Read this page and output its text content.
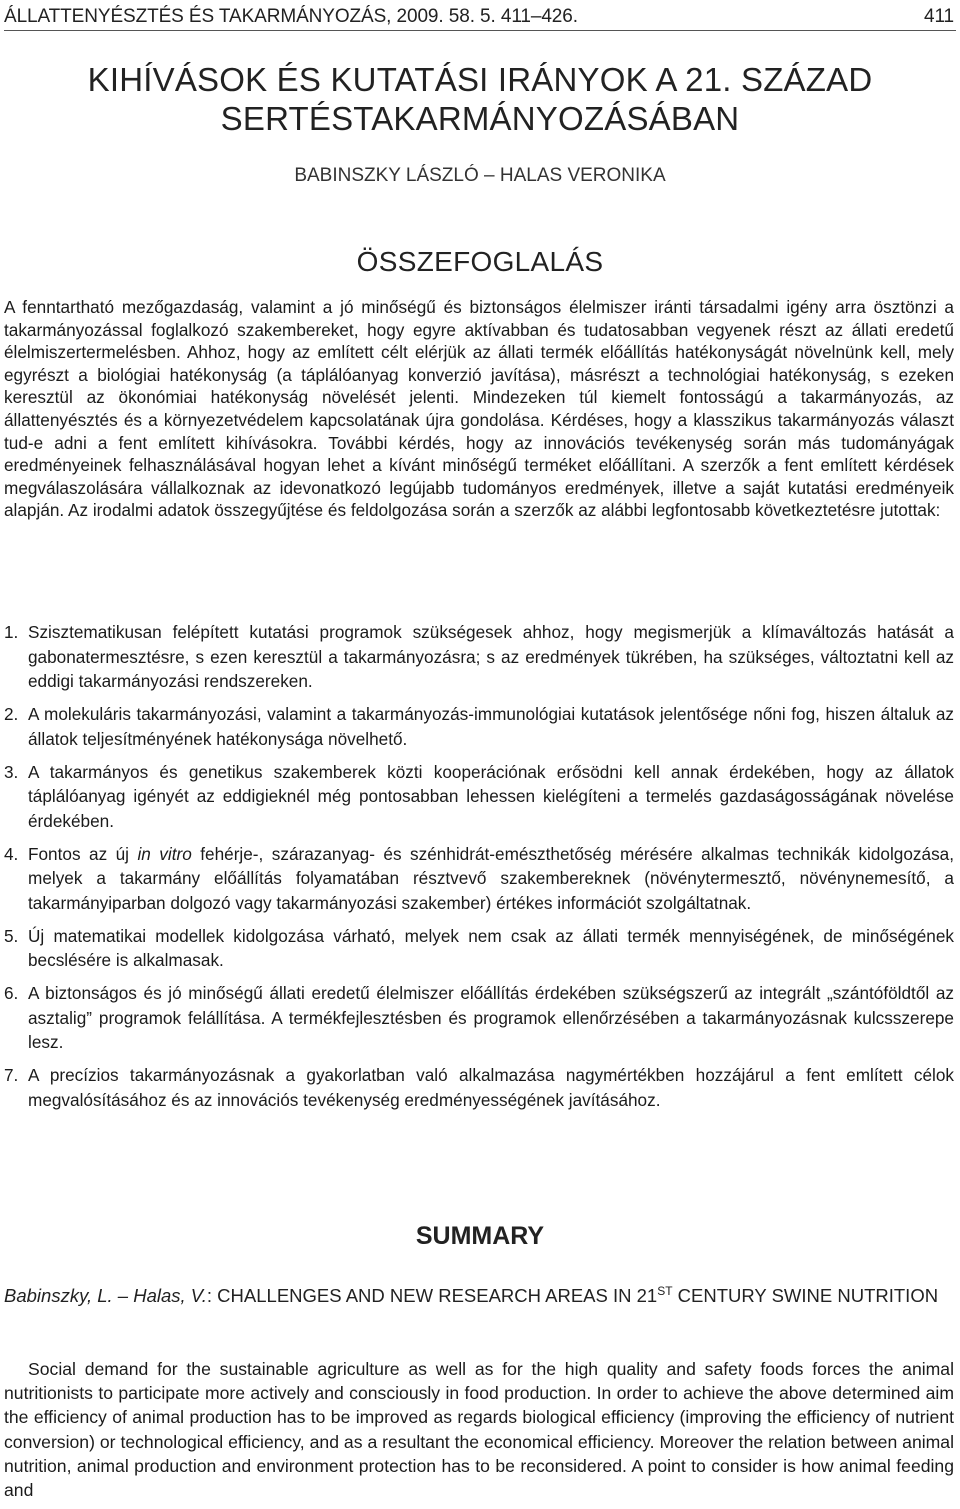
ÁLLATTENYÉSZTÉS ÉS TAKARMÁNYOZÁS, 2009. 58. 5. 411–426.	411
KIHÍVÁSOK ÉS KUTATÁSI IRÁNYOK A 21. SZÁZAD
SERTÉSTAKARMÁNYOZÁSÁBAN
BABINSZKY LÁSZLÓ – HALAS VERONIKA
ÖSSZEFOGLALÁS

A fenntartható mezőgazdaság, valamint a jó minőségű és biztonságos élelmiszer iránti társadalmi igény arra ösztönzi a takarmányozással foglalkozó szakembereket, hogy egyre aktívabban és tudatosabban vegyenek részt az állati eredetű élelmiszertermelésben. Ahhoz, hogy az említett célt elérjük az állati termék előállítás hatékonyságát növelnünk kell, mely egyrészt a biológiai hatékonyság (a táplálóanyag konverzió javítása), másrészt a technológiai hatékonyság, s ezeken keresztül az ökonómiai hatékonyság növelését jelenti. Mindezeken túl kiemelt fontosságú a takarmányozás, az állattenyésztés és a környezetvédelem kapcsolatának újra gondolása. Kérdéses, hogy a klasszikus takarmányozás választ tud-e adni a fent említett kihívásokra. További kérdés, hogy az innovációs tevékenység során más tudományágak eredményeinek felhasználásával hogyan lehet a kívánt minőségű terméket előállítani. A szerzők a fent említett kérdések megválaszolására vállalkoznak az idevonatkozó legújabb tudományos eredmények, illetve a saját kutatási eredményeik alapján. Az irodalmi adatok összegyűjtése és feldolgozása során a szerzők az alábbi legfontosabb következtetésre jutottak:

1. Szisztematikusan felépített kutatási programok szükségesek ahhoz, hogy megismerjük a klímaváltozás hatását a gabonatermesztésre, s ezen keresztül a takarmányozásra; s az eredmények tükrében, ha szükséges, változtatni kell az eddigi takarmányozási rendszereken.
2. A molekuláris takarmányozási, valamint a takarmányozás-immunológiai kutatások jelentősége nőni fog, hiszen általuk az állatok teljesítményének hatékonysága növelhető.
3. A takarmányos és genetikus szakemberek közti kooperációnak erősödni kell annak érdekében, hogy az állatok táplálóanyag igényét az eddigieknél még pontosabban lehessen kielégíteni a termelés gazdaságosságának növelése érdekében.
4. Fontos az új in vitro fehérje-, szárazanyag- és szénhidrát-emészthetőség mérésére alkalmas technikák kidolgozása, melyek a takarmány előállítás folyamatában résztvevő szakembereknek (növénytermesztő, növénynemesítő, a takarmányiparban dolgozó vagy takarmányozási szakember) értékes információt szolgáltatnak.
5. Új matematikai modellek kidolgozása várható, melyek nem csak az állati termék mennyiségének, de minőségének becslésére is alkalmasak.
6. A biztonságos és jó minőségű állati eredetű élelmiszer előállítás érdekében szükségszerű az integrált „szántóföldtől az asztalig” programok felállítása. A termékfejlesztésben és programok ellenőrzésében a takarmányozásnak kulcsszerepe lesz.
7. A precízios takarmányozásnak a gyakorlatban való alkalmazása nagymértékben hozzájárul a fent említett célok megvalósításához és az innovációs tevékenység eredményességének javításához.
SUMMARY
Babinszky, L. – Halas, V.: CHALLENGES AND NEW RESEARCH AREAS IN 21ST CENTURY SWINE NUTRITION

Social demand for the sustainable agriculture as well as for the high quality and safety foods forces the animal nutritionists to participate more actively and consciously in food production. In order to achieve the above determined aim the efficiency of animal production has to be improved as regards biological efficiency (improving the efficiency of nutrient conversion) or technological efficiency, and as a resultant the economical efficiency. Moreover the relation between animal nutrition, animal production and environment protection has to be reconsidered. A point to consider is how animal feeding and
